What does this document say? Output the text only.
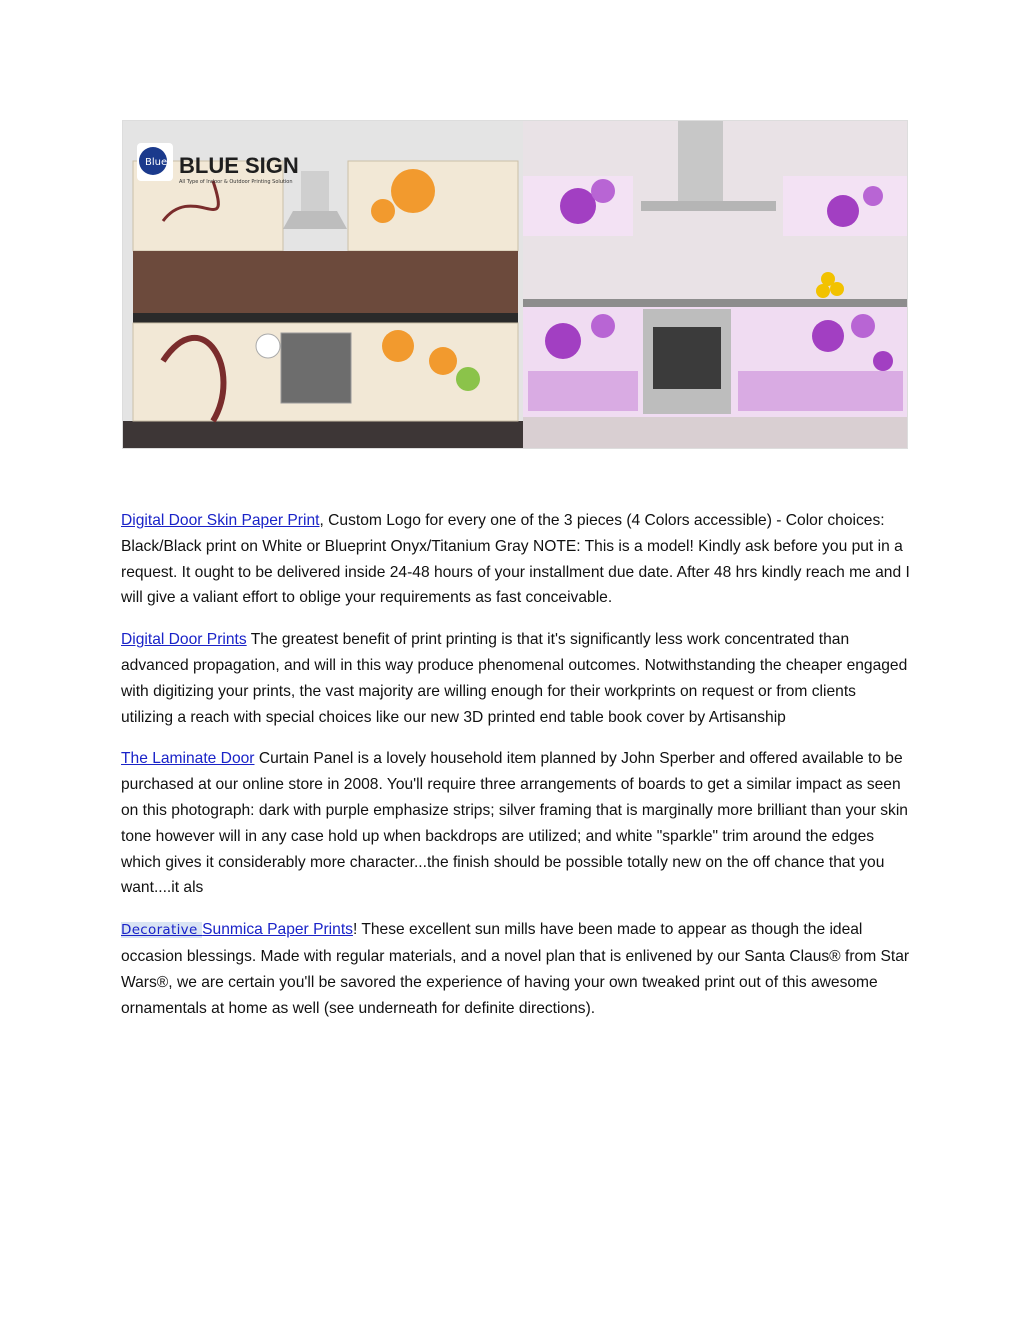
Blue BLUE SIGN
All Type of Indoor & Outdoor Printing Solution

Digital Door Skin Paper Print, Custom Logo for every one of the 3 pieces (4 Colors accessible) - Color choices: Black/Black print on White or Blueprint Onyx/Titanium Gray NOTE: This is a model! Kindly ask before you put in a request. It ought to be delivered inside 24-48 hours of your installment due date. After 48 hrs kindly reach me and I will give a valiant effort to oblige your requirements as fast conceivable.

Digital Door Prints The greatest benefit of print printing is that it's significantly less work concentrated than advanced propagation, and will in this way produce phenomenal outcomes. Notwithstanding the cheaper engaged with digitizing your prints, the vast majority are willing enough for their workprints on request or from clients utilizing a reach with special choices like our new 3D printed end table book cover by Artisanship

The Laminate Door Curtain Panel is a lovely household item planned by John Sperber and offered available to be purchased at our online store in 2008. You'll require three arrangements of boards to get a similar impact as seen on this photograph: dark with purple emphasize strips; silver framing that is marginally more brilliant than your skin tone however will in any case hold up when backdrops are utilized; and white "sparkle" trim around the edges which gives it considerably more character...the finish should be possible totally new on the off chance that you want....it als

Decorative Sunmica Paper Prints! These excellent sun mills have been made to appear as though the ideal occasion blessings. Made with regular materials, and a novel plan that is enlivened by our Santa Claus® from Star Wars®, we are certain you'll be savored the experience of having your own tweaked print out of this awesome ornamentals at home as well (see underneath for definite directions).
